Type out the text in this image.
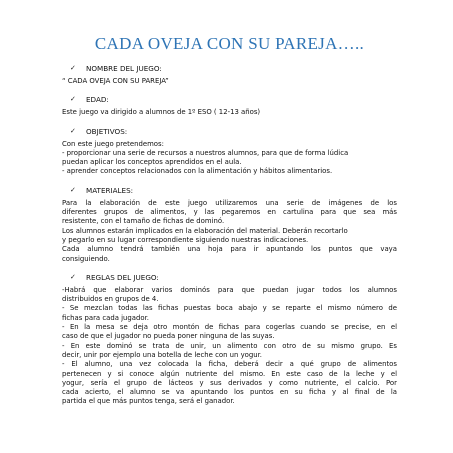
CADA OVEJA CON SU PAREJA…..
✓	NOMBRE DEL JUEGO:

“ CADA OVEJA CON SU PAREJA”

✓	EDAD:

Este juego va dirigido a alumnos de 1º ESO ( 12-13 años)

✓	OBJETIVOS:

Con este juego pretendemos:

- proporcionar una serie de recursos a nuestros alumnos, para que de forma lúdica

puedan aplicar los conceptos aprendidos en el aula.

- aprender conceptos relacionados con la alimentación y hábitos alimentarios.

✓	MATERIALES:

Para la elaboración de este juego utilizaremos una serie de imágenes de los

diferentes grupos de alimentos, y las pegaremos en cartulina para que sea más

resistente, con el tamaño de fichas de dominó.

Los alumnos estarán implicados en la elaboración del material. Deberán recortarlo

y pegarlo en su lugar correspondiente siguiendo nuestras indicaciones.

Cada alumno tendrá también una hoja para ir apuntando los puntos que vaya

consiguiendo.

✓	REGLAS DEL JUEGO:

-Habrá que elaborar varios dominós para que puedan jugar todos los alumnos

distribuidos en grupos de 4.

- Se mezclan todas las fichas puestas boca abajo y se reparte el mismo número de

fichas para cada jugador.

- En la mesa se deja otro montón de fichas para cogerlas cuando se precise, en el

caso de que el jugador no pueda poner ninguna de las suyas.

- En este dominó se trata de unir, un alimento con otro de su mismo grupo. Es

decir, unir por ejemplo una botella de leche con un yogur.

- El alumno, una vez colocada la ficha, deberá decir a qué grupo de alimentos

pertenecen y si conoce algún nutriente del mismo. En este caso de la leche y el

yogur, sería el grupo de lácteos y sus derivados y como nutriente, el calcio. Por

cada acierto, el alumno se va apuntando los puntos en su ficha y al final de la

partida el que más puntos tenga, será el ganador.
